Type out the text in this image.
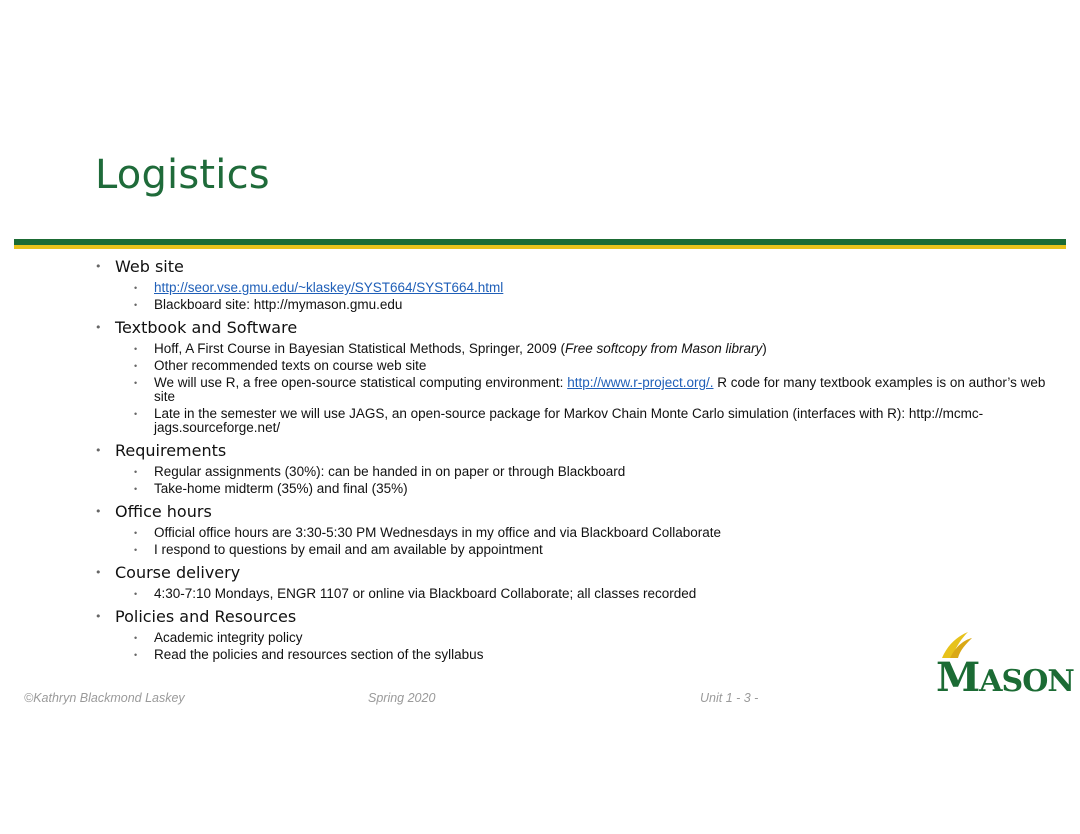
Logistics
• Web site
• http://seor.vse.gmu.edu/~klaskey/SYST664/SYST664.html
• Blackboard site: http://mymason.gmu.edu
• Textbook and Software
• Hoff, A First Course in Bayesian Statistical Methods, Springer, 2009 (Free softcopy from Mason library)
• Other recommended texts on course web site
• We will use R, a free open-source statistical computing environment: http://www.r-project.org/. R code for many textbook examples is on author’s web site
• Late in the semester we will use JAGS, an open-source package for Markov Chain Monte Carlo simulation (interfaces with R): http://mcmc-jags.sourceforge.net/
• Requirements
• Regular assignments (30%): can be handed in on paper or through Blackboard
• Take-home midterm (35%) and final (35%)
• Office hours
• Official office hours are 3:30-5:30 PM Wednesdays in my office and via Blackboard Collaborate
• I respond to questions by email and am available by appointment
• Course delivery
• 4:30-7:10 Mondays, ENGR 1107 or online via Blackboard Collaborate; all classes recorded
• Policies and Resources
• Academic integrity policy
• Read the policies and resources section of the syllabus
©Kathryn Blackmond Laskey	Spring 2020	Unit 1 - 3 -	MASON
